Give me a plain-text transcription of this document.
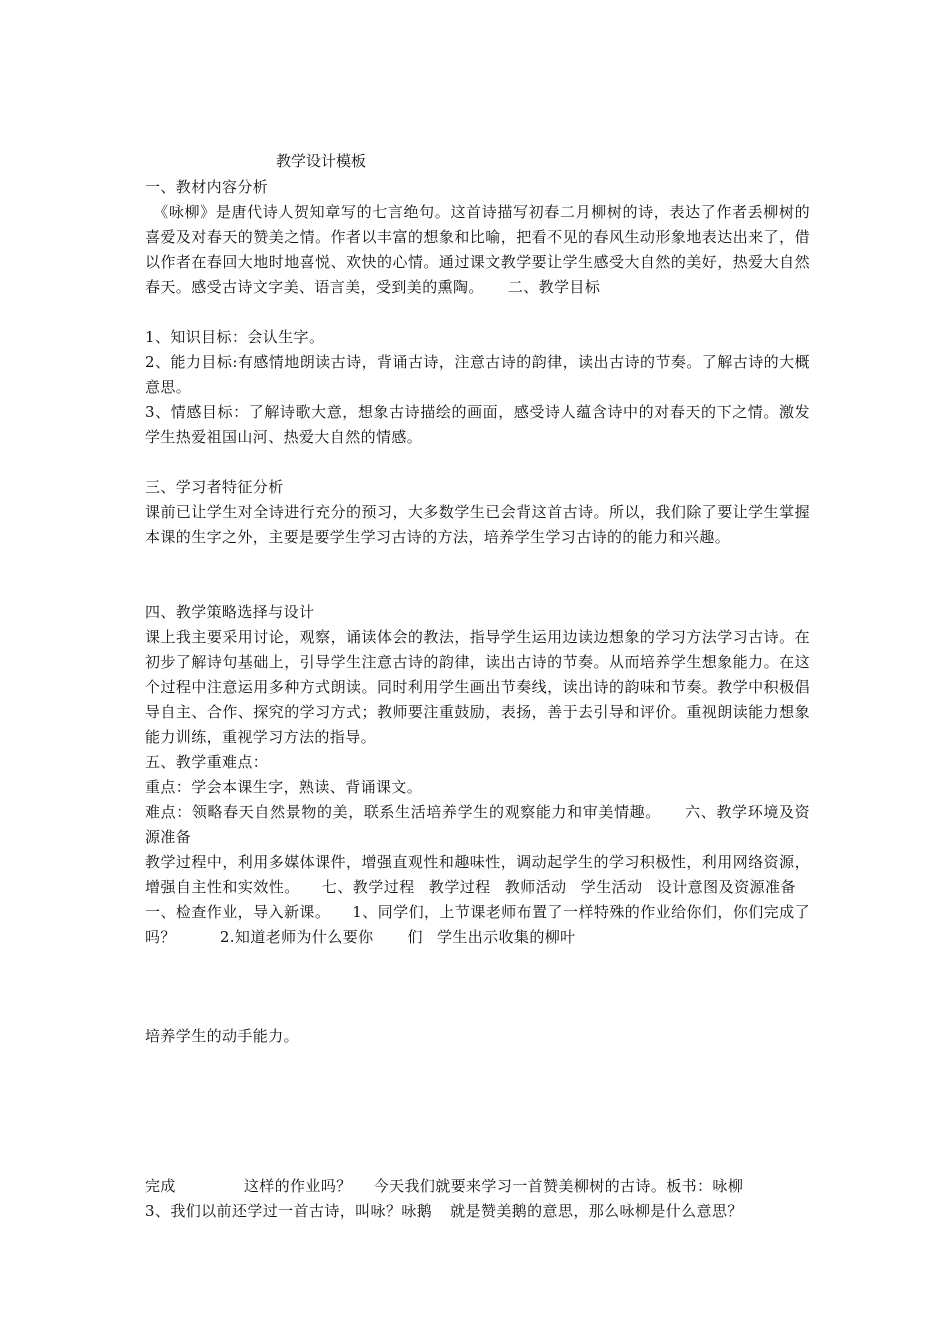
教学设计模板

一、教材内容分析
《咏柳》是唐代诗人贺知章写的七言绝句。这首诗描写初春二月柳树的诗，表达了作者丢柳树的喜爱及对春天的赞美之情。作者以丰富的想象和比喻，把看不见的春风生动形象地表达出来了，借以作者在春回大地时地喜悦、欢快的心情。通过课文教学要让学生感受大自然的美好，热爱大自然春天。感受古诗文字美、语言美，受到美的熏陶。 二、教学目标

1、知识目标：会认生字。
2、能力目标:有感情地朗读古诗，背诵古诗，注意古诗的韵律，读出古诗的节奏。了解古诗的大概意思。
3、情感目标：了解诗歌大意，想象古诗描绘的画面，感受诗人蕴含诗中的对春天的下之情。激发学生热爱祖国山河、热爱大自然的情感。

三、学习者特征分析
课前已让学生对全诗进行充分的预习，大多数学生已会背这首古诗。所以，我们除了要让学生掌握本课的生字之外，主要是要学生学习古诗的方法，培养学生学习古诗的的能力和兴趣。

四、教学策略选择与设计
课上我主要采用讨论，观察，诵读体会的教法，指导学生运用边读边想象的学习方法学习古诗。在初步了解诗句基础上，引导学生注意古诗的韵律，读出古诗的节奏。从而培养学生想象能力。在这个过程中注意运用多种方式朗读。同时利用学生画出节奏线，读出诗的韵味和节奏。教学中积极倡导自主、合作、探究的学习方式；教师要注重鼓励，表扬，善于去引导和评价。重视朗读能力想象能力训练，重视学习方法的指导。

五、教学重难点：
重点：学会本课生字，熟读、背诵课文。
难点：领略春天自然景物的美，联系生活培养学生的观察能力和审美情趣。 六、教学环境及资源准备

教学过程中，利用多媒体课件，增强直观性和趣味性，调动起学生的学习积极性，利用网络资源，增强自主性和实效性。 七、教学过程 教学过程 教师活动 学生活动 设计意图及资源准备一、检查作业，导入新课。 1、同学们，上节课老师布置了一样特殊的作业给你们，你们完成了吗？	2.知道老师为什么要你 们 学生出示收集的柳叶

培养学生的动手能力。
完成	这样的作业吗？ 今天我们就要来学习一首赞美柳树的古诗。板书：咏柳
3、我们以前还学过一首古诗，叫咏？咏鹅 就是赞美鹅的意思，那么咏柳是什么意思？
